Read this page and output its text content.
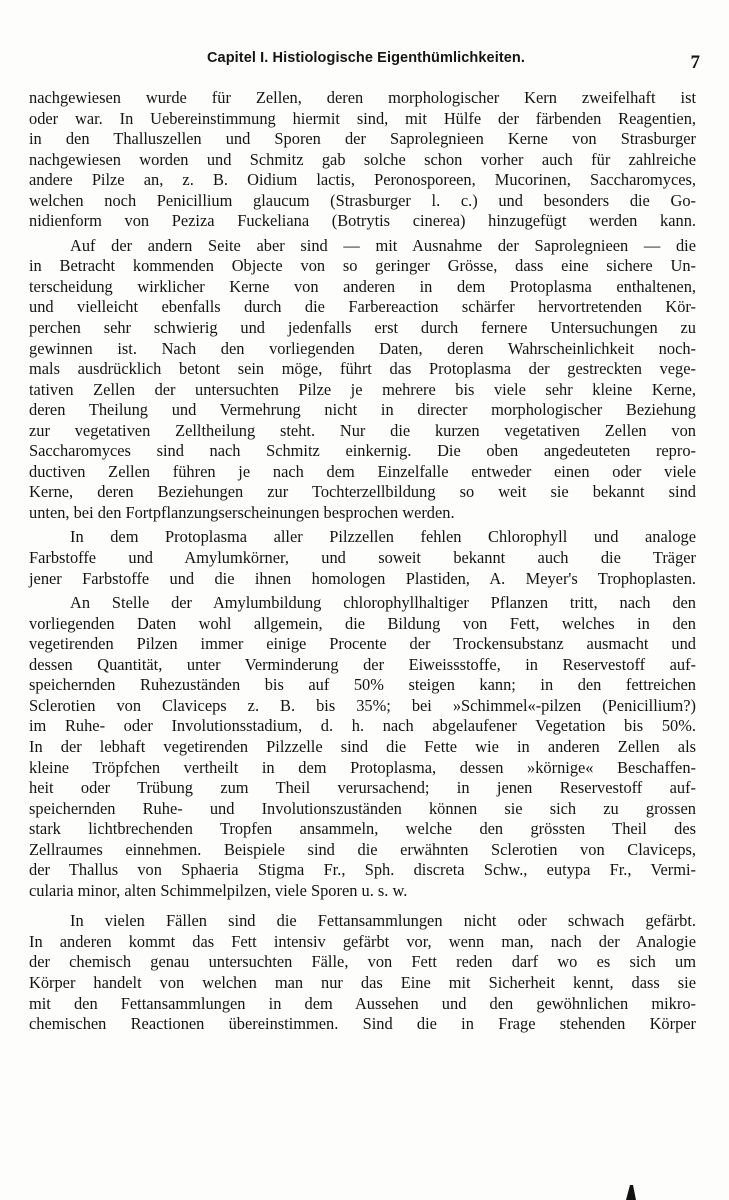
Capitel I. Histiologische Eigenthümlichkeiten.	7

nachgewiesen wurde für Zellen, deren morphologischer Kern zweifelhaft ist
oder war. In Uebereinstimmung hiermit sind, mit Hülfe der färbenden Reagentien,
in den Thalluszellen und Sporen der Saprolegnieen Kerne von Strasburger
nachgewiesen worden und Schmitz gab solche schon vorher auch für zahlreiche
andere Pilze an, z. B. Oidium lactis, Peronosporeen, Mucorinen, Saccharomyces,
welchen noch Penicillium glaucum (Strasburger l. c.) und besonders die Go-
nidienform von Peziza Fuckeliana (Botrytis cinerea) hinzugefügt werden kann.

Auf der andern Seite aber sind — mit Ausnahme der Saprolegnieen — die
in Betracht kommenden Objecte von so geringer Grösse, dass eine sichere Un-
terscheidung wirklicher Kerne von anderen in dem Protoplasma enthaltenen,
und vielleicht ebenfalls durch die Farbereaction schärfer hervortretenden Kör-
perchen sehr schwierig und jedenfalls erst durch fernere Untersuchungen zu
gewinnen ist. Nach den vorliegenden Daten, deren Wahrscheinlichkeit noch-
mals ausdrücklich betont sein möge, führt das Protoplasma der gestreckten vege-
tativen Zellen der untersuchten Pilze je mehrere bis viele sehr kleine Kerne,
deren Theilung und Vermehrung nicht in directer morphologischer Beziehung
zur vegetativen Zelltheilung steht. Nur die kurzen vegetativen Zellen von
Saccharomyces sind nach Schmitz einkernig. Die oben angedeuteten repro-
ductiven Zellen führen je nach dem Einzelfalle entweder einen oder viele
Kerne, deren Beziehungen zur Tochterzellbildung so weit sie bekannt sind
unten, bei den Fortpflanzungserscheinungen besprochen werden.

In dem Protoplasma aller Pilzzellen fehlen Chlorophyll und analoge
Farbstoffe und Amylumkörner, und soweit bekannt auch die Träger
jener Farbstoffe und die ihnen homologen Plastiden, A. Meyer's Trophoplasten.

An Stelle der Amylumbildung chlorophyllhaltiger Pflanzen tritt, nach den
vorliegenden Daten wohl allgemein, die Bildung von Fett, welches in den
vegetirenden Pilzen immer einige Procente der Trockensubstanz ausmacht und
dessen Quantität, unter Verminderung der Eiweissstoffe, in Reservestoff auf-
speichernden Ruhezuständen bis auf 50% steigen kann; in den fettreichen
Sclerotien von Claviceps z. B. bis 35%; bei »Schimmel«-pilzen (Penicillium?)
im Ruhe- oder Involutionsstadium, d. h. nach abgelaufener Vegetation bis 50%.
In der lebhaft vegetirenden Pilzzelle sind die Fette wie in anderen Zellen als
kleine Tröpfchen vertheilt in dem Protoplasma, dessen »körnige« Beschaffen-
heit oder Trübung zum Theil verursachend; in jenen Reservestoff auf-
speichernden Ruhe- und Involutionszuständen können sie sich zu grossen
stark lichtbrechenden Tropfen ansammeln, welche den grössten Theil des
Zellraumes einnehmen. Beispiele sind die erwähnten Sclerotien von Claviceps,
der Thallus von Sphaeria Stigma Fr., Sph. discreta Schw., eutypa Fr., Vermi-
cularia minor, alten Schimmelpilzen, viele Sporen u. s. w.

In vielen Fällen sind die Fettansammlungen nicht oder schwach gefärbt.
In anderen kommt das Fett intensiv gefärbt vor, wenn man, nach der Analogie
der chemisch genau untersuchten Fälle, von Fett reden darf wo es sich um
Körper handelt von welchen man nur das Eine mit Sicherheit kennt, dass sie
mit den Fettansammlungen in dem Aussehen und den gewöhnlichen mikro-
chemischen Reactionen übereinstimmen. Sind die in Frage stehenden Körper
